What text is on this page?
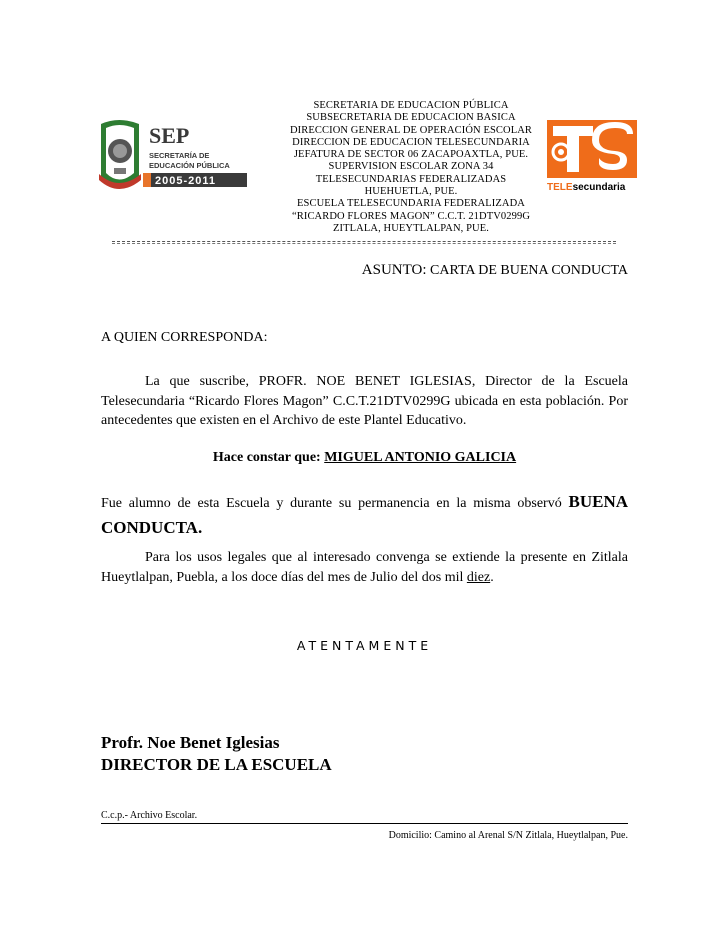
SEP
SECRETARÍA DE
EDUCACIÓN PÚBLICA
2005-2011
SECRETARIA DE EDUCACION PÚBLICA
SUBSECRETARIA DE EDUCACION BASICA
DIRECCION GENERAL DE OPERACIÓN ESCOLAR
DIRECCION DE EDUCACION TELESECUNDARIA
JEFATURA DE SECTOR 06 ZACAPOAXTLA, PUE.
SUPERVISION ESCOLAR ZONA 34
TELESECUNDARIAS FEDERALIZADAS
HUEHUETLA, PUE.
ESCUELA TELESECUNDARIA FEDERALIZADA
“RICARDO FLORES MAGON” C.C.T. 21DTV0299G
ZITLALA, HUEYTLALPAN, PUE.
TELEsecundaria
ASUNTO: CARTA DE BUENA CONDUCTA
A QUIEN CORRESPONDA:
La que suscribe, PROFR. NOE BENET IGLESIAS, Director de la Escuela Telesecundaria “Ricardo Flores Magon” C.C.T.21DTV0299G ubicada en esta población. Por antecedentes que existen en el Archivo de este Plantel Educativo.
Hace constar que: MIGUEL ANTONIO GALICIA
Fue alumno de esta Escuela y durante su permanencia en la misma observó BUENA CONDUCTA.
Para los usos legales que al interesado convenga se extiende la presente en Zitlala Hueytlalpan, Puebla, a los doce días del mes de Julio del dos mil diez.
ATENTAMENTE
Profr. Noe Benet Iglesias
DIRECTOR DE LA ESCUELA
C.c.p.- Archivo Escolar.
Domicilio: Camino al Arenal S/N Zitlala, Hueytlalpan, Pue.
